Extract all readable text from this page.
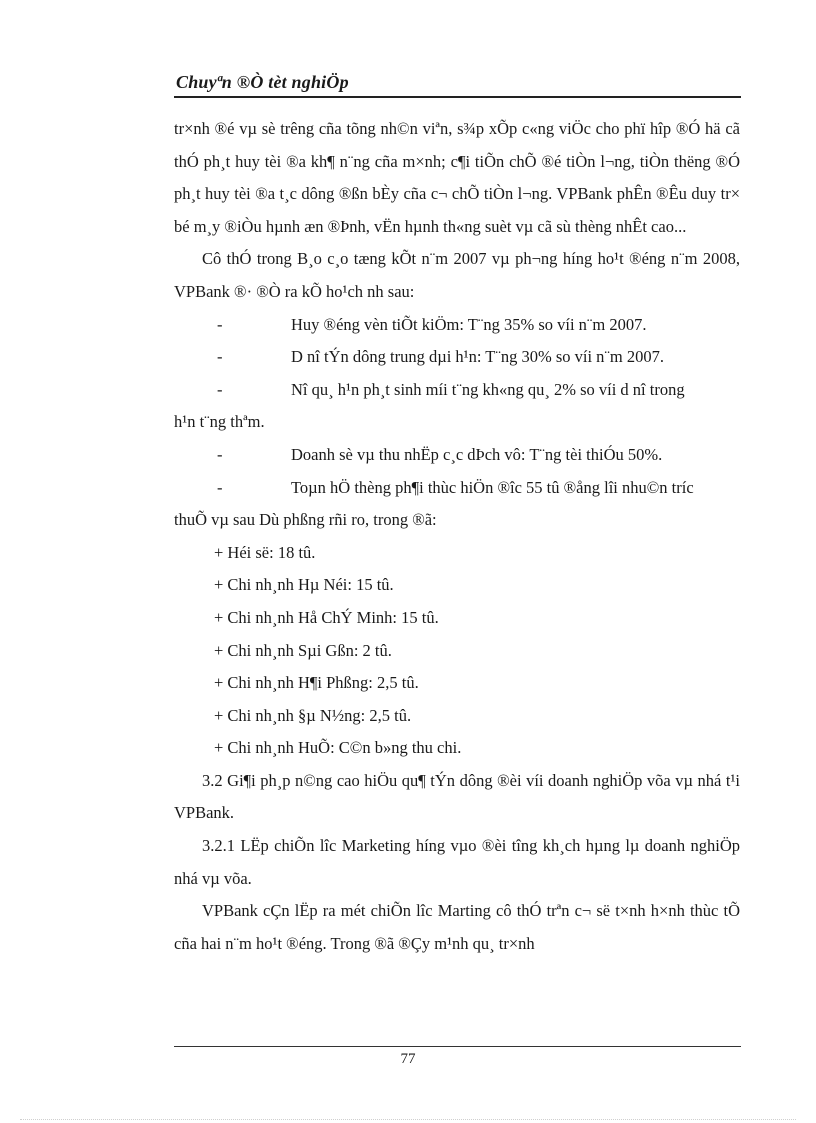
Chuyªn ®Ò tèt nghiÖp

tr×nh ®é vµ sè trêng cña tõng nh©n viªn, s¾p xÕp c«ng viÖc cho phï hîp ®Ó hä cã thÓ ph¸t huy tèi ®a kh¶ n¨ng cña m×nh; c¶i tiÕn chÕ ®é tiÒn l¬ng, tiÒn thëng ®Ó ph¸t huy tèi ®a t¸c dông ®ßn bÈy cña c¬ chÕ tiÒn l¬ng. VPBank phÊn ®Êu duy tr× bé m¸y ®iÒu hµnh æn ®Þnh, vËn hµnh th«ng suèt vµ cã sù thèng nhÊt cao...

Cô thÓ trong B¸o c¸o tæng kÕt n¨m 2007 vµ ph¬ng híng ho¹t ®éng n¨m 2008, VPBank ®· ®Ò ra kÕ ho¹ch nh sau:

-	Huy ®éng vèn tiÕt kiÖm: T¨ng 35% so víi n¨m 2007.
-	D nî tÝn dông trung dµi h¹n: T¨ng 30% so víi n¨m 2007.
-	Nî qu¸ h¹n ph¸t sinh míi t¨ng kh«ng qu¸ 2% so víi d nî trong

h¹n t¨ng thªm.

-	Doanh sè vµ thu nhËp c¸c dÞch vô: T¨ng tèi thiÓu 50%.
-	Toµn hÖ thèng ph¶i thùc hiÖn ®îc 55 tû ®ång lîi nhu©n tríc

thuÕ vµ sau Dù phßng rñi ro, trong ®ã:

+ Héi së: 18 tû.

+ Chi nh¸nh Hµ Néi: 15 tû.

+ Chi nh¸nh Hå ChÝ Minh: 15 tû.

+ Chi nh¸nh Sµi Gßn: 2 tû.

+ Chi nh¸nh H¶i Phßng: 2,5 tû.

+ Chi nh¸nh §µ N½ng: 2,5 tû.

+ Chi nh¸nh HuÕ: C©n b»ng thu chi.

3.2 Gi¶i ph¸p n©ng cao hiÖu qu¶ tÝn dông ®èi víi doanh nghiÖp võa vµ nhá t¹i VPBank.

3.2.1 LËp chiÕn lîc Marketing híng vµo ®èi tîng kh¸ch hµng lµ doanh nghiÖp nhá vµ võa.

VPBank cÇn lËp ra mét chiÕn lîc Marting cô thÓ trªn c¬ së t×nh h×nh thùc tÕ cña hai n¨m ho¹t ®éng. Trong ®ã ®Çy m¹nh qu¸ tr×nh

77
